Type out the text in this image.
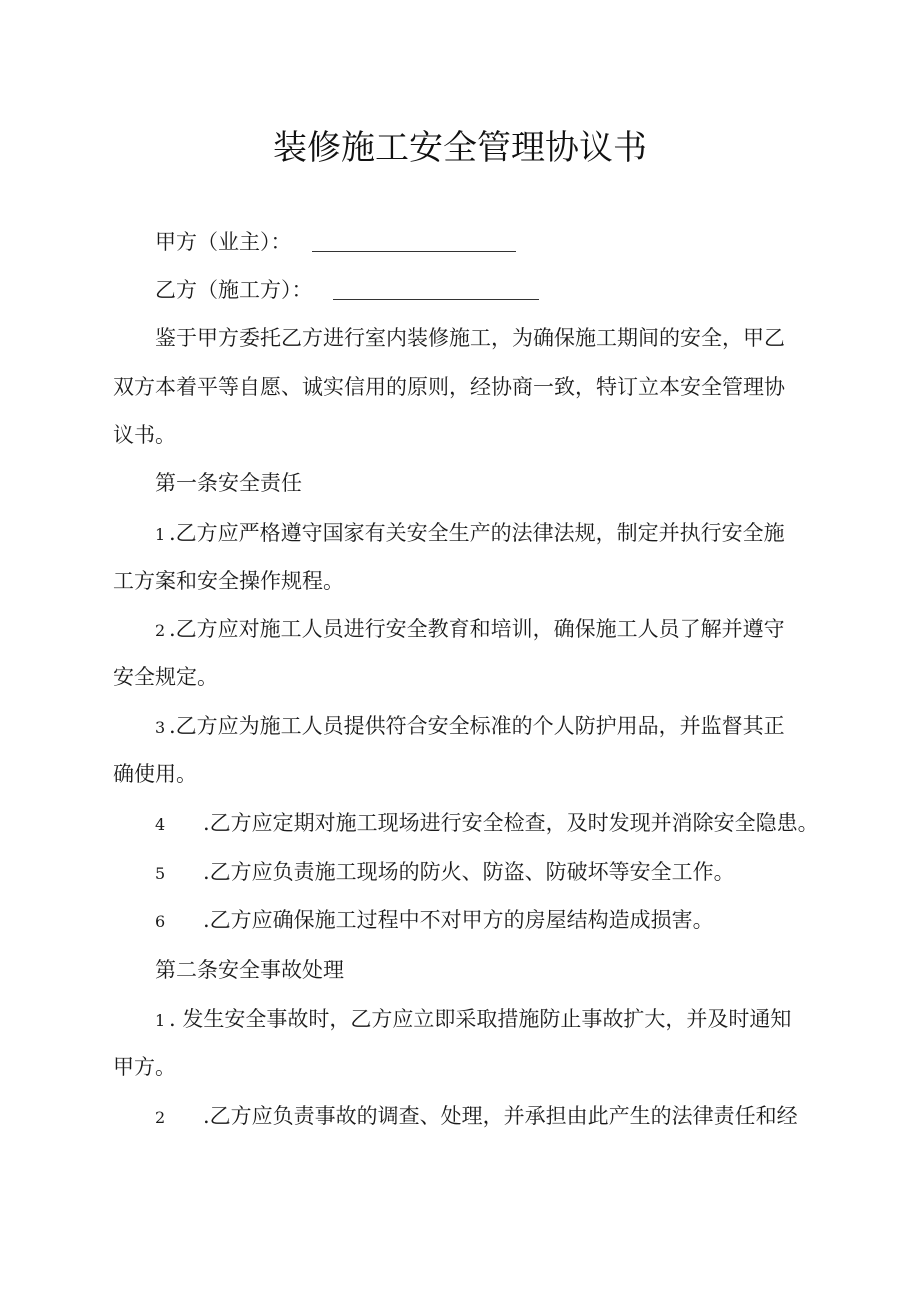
装修施工安全管理协议书
甲方（业主）：
乙方（施工方）：
鉴于甲方委托乙方进行室内装修施工，为确保施工期间的安全，甲乙
双方本着平等自愿、诚实信用的原则，经协商一致，特订立本安全管理协
议书。
第一条安全责任
1 .乙方应严格遵守国家有关安全生产的法律法规，制定并执行安全施
工方案和安全操作规程。
2 .乙方应对施工人员进行安全教育和培训，确保施工人员了解并遵守
安全规定。
3 .乙方应为施工人员提供符合安全标准的个人防护用品，并监督其正
确使用。
4 .乙方应定期对施工现场进行安全检查，及时发现并消除安全隐患。
5 .乙方应负责施工现场的防火、防盗、防破坏等安全工作。
6 .乙方应确保施工过程中不对甲方的房屋结构造成损害。
第二条安全事故处理
1 . 发生安全事故时，乙方应立即采取措施防止事故扩大，并及时通知
甲方。
2 .乙方应负责事故的调查、处理，并承担由此产生的法律责任和经
